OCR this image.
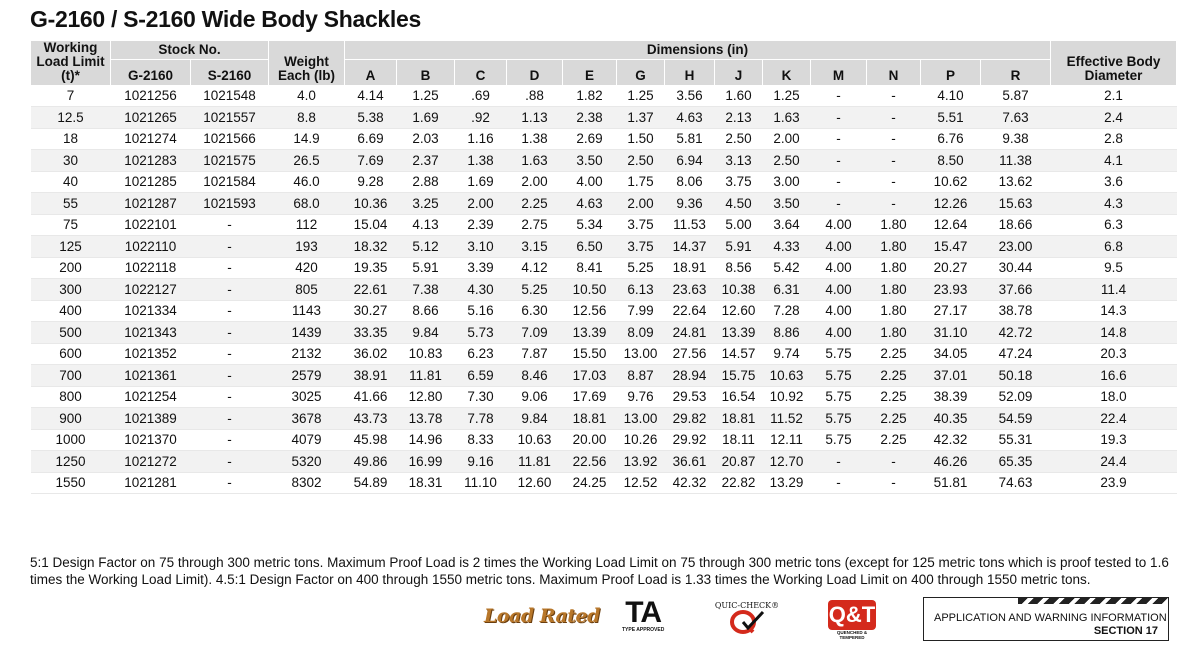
G-2160 / S-2160 Wide Body Shackles
Working Load Limit (t)*	Stock No.		Weight Each (lb)	Dimensions (in)													Effective Body Diameter
	G-2160	S-2160		A	B	C	D	E	G	H	J	K	M	N	P	R	

7	1021256	1021548	4.0	4.14	1.25	.69	.88	1.82	1.25	3.56	1.60	1.25	-	-	4.10	5.87	2.1
12.5	1021265	1021557	8.8	5.38	1.69	.92	1.13	2.38	1.37	4.63	2.13	1.63	-	-	5.51	7.63	2.4
18	1021274	1021566	14.9	6.69	2.03	1.16	1.38	2.69	1.50	5.81	2.50	2.00	-	-	6.76	9.38	2.8
30	1021283	1021575	26.5	7.69	2.37	1.38	1.63	3.50	2.50	6.94	3.13	2.50	-	-	8.50	11.38	4.1
40	1021285	1021584	46.0	9.28	2.88	1.69	2.00	4.00	1.75	8.06	3.75	3.00	-	-	10.62	13.62	3.6
55	1021287	1021593	68.0	10.36	3.25	2.00	2.25	4.63	2.00	9.36	4.50	3.50	-	-	12.26	15.63	4.3
75	1022101	-	112	15.04	4.13	2.39	2.75	5.34	3.75	11.53	5.00	3.64	4.00	1.80	12.64	18.66	6.3
125	1022110	-	193	18.32	5.12	3.10	3.15	6.50	3.75	14.37	5.91	4.33	4.00	1.80	15.47	23.00	6.8
200	1022118	-	420	19.35	5.91	3.39	4.12	8.41	5.25	18.91	8.56	5.42	4.00	1.80	20.27	30.44	9.5
300	1022127	-	805	22.61	7.38	4.30	5.25	10.50	6.13	23.63	10.38	6.31	4.00	1.80	23.93	37.66	11.4
400	1021334	-	1143	30.27	8.66	5.16	6.30	12.56	7.99	22.64	12.60	7.28	4.00	1.80	27.17	38.78	14.3
500	1021343	-	1439	33.35	9.84	5.73	7.09	13.39	8.09	24.81	13.39	8.86	4.00	1.80	31.10	42.72	14.8
600	1021352	-	2132	36.02	10.83	6.23	7.87	15.50	13.00	27.56	14.57	9.74	5.75	2.25	34.05	47.24	20.3
700	1021361	-	2579	38.91	11.81	6.59	8.46	17.03	8.87	28.94	15.75	10.63	5.75	2.25	37.01	50.18	16.6
800	1021254	-	3025	41.66	12.80	7.30	9.06	17.69	9.76	29.53	16.54	10.92	5.75	2.25	38.39	52.09	18.0
900	1021389	-	3678	43.73	13.78	7.78	9.84	18.81	13.00	29.82	18.81	11.52	5.75	2.25	40.35	54.59	22.4
1000	1021370	-	4079	45.98	14.96	8.33	10.63	20.00	10.26	29.92	18.11	12.11	5.75	2.25	42.32	55.31	19.3
1250	1021272	-	5320	49.86	16.99	9.16	11.81	22.56	13.92	36.61	20.87	12.70	-	-	46.26	65.35	24.4
1550	1021281	-	8302	54.89	18.31	11.10	12.60	24.25	12.52	42.32	22.82	13.29	-	-	51.81	74.63	23.9
5:1 Design Factor on 75 through 300 metric tons. Maximum Proof Load is 2 times the Working Load Limit on 75 through 300 metric tons (except for 125 metric tons which is proof tested to 1.6 times the Working Load Limit). 4.5:1 Design Factor on 400 through 1550 metric tons. Maximum Proof Load is 1.33 times the Working Load Limit on 400 through 1550 metric tons.
Load Rated TA
TYPE APPROVED
QUIC-CHECK® Q&T
QUENCHED & TEMPERED
APPLICATION AND WARNING INFORMATION
SECTION 17
